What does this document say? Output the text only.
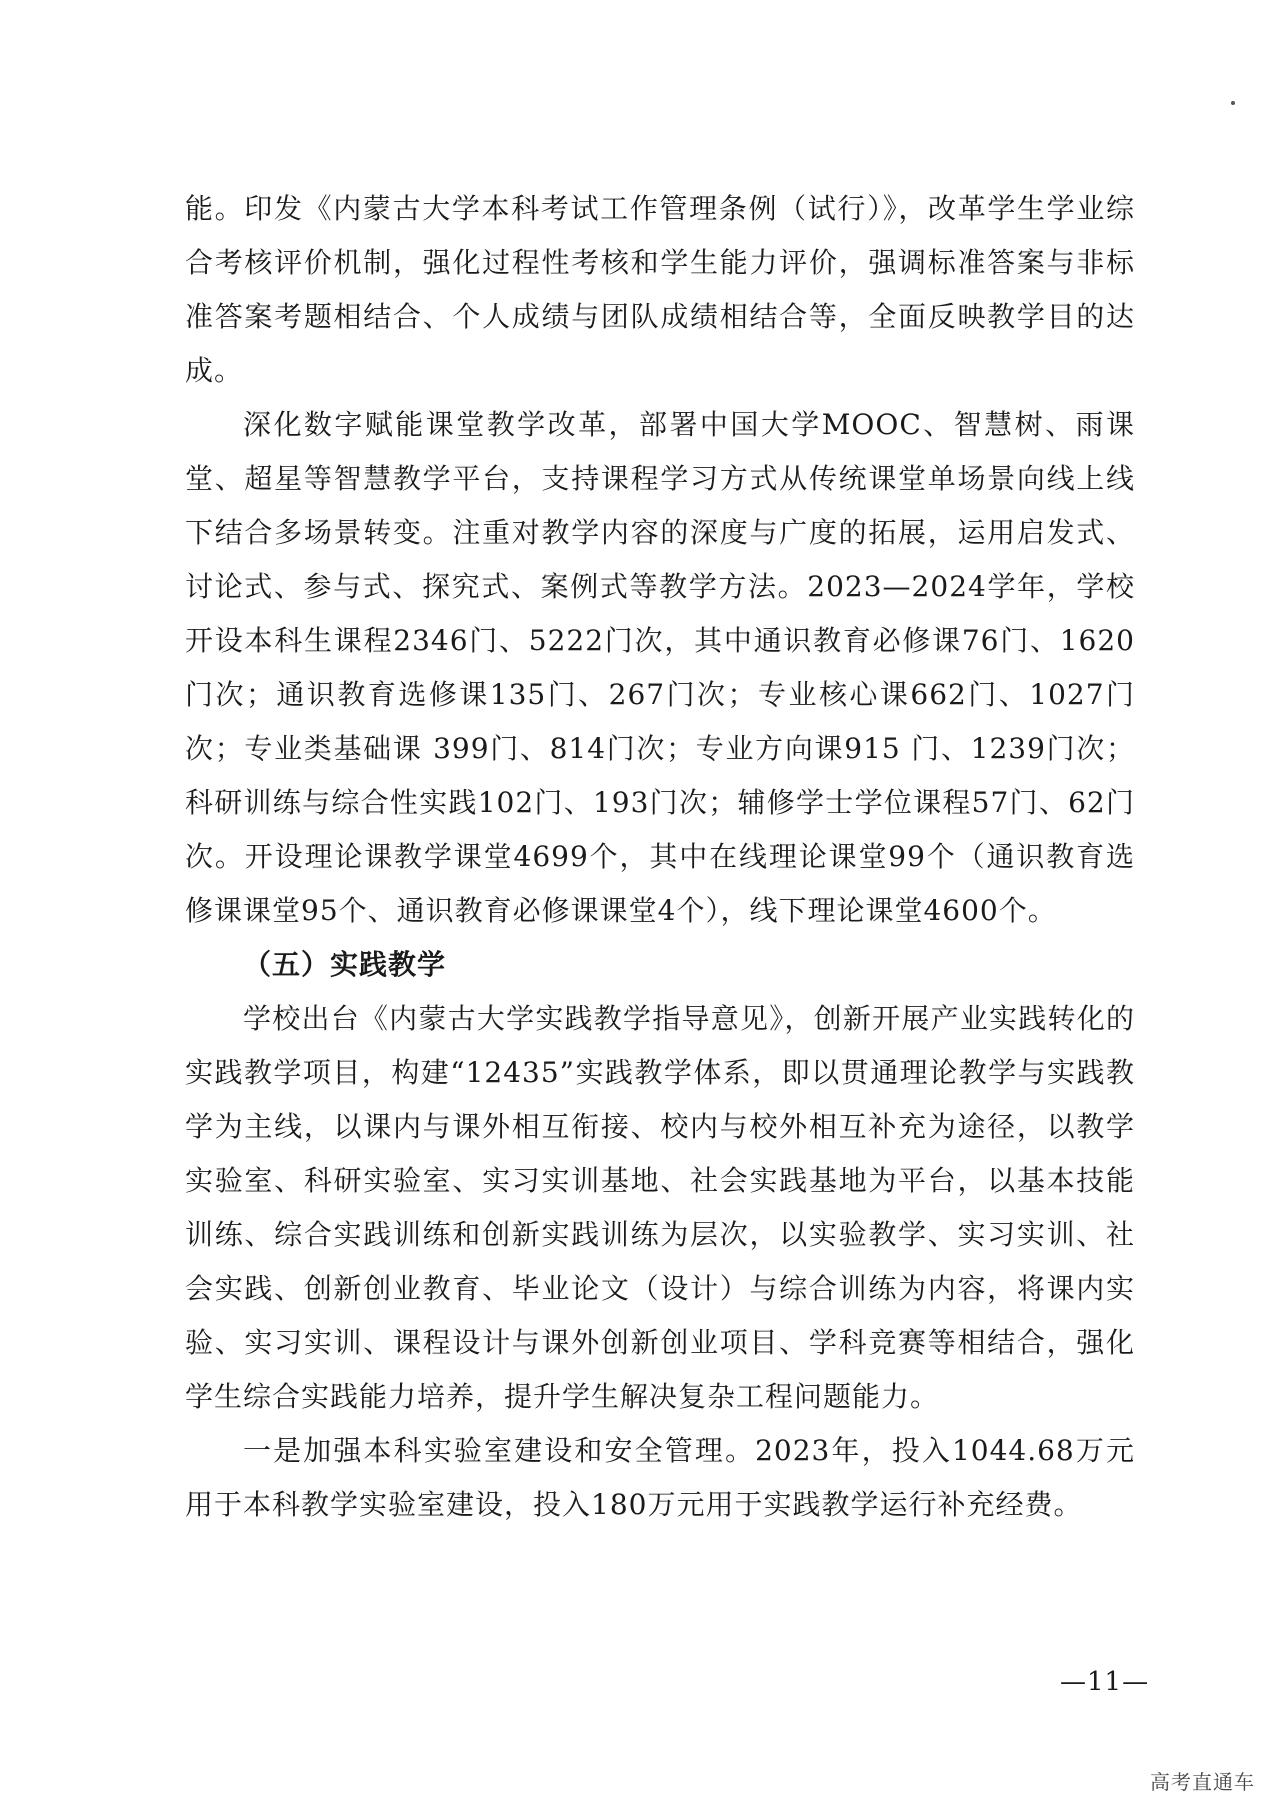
能。印发《内蒙古大学本科考试工作管理条例（试行）》，改革学生学业综合考核评价机制，强化过程性考核和学生能力评价，强调标准答案与非标准答案考题相结合、个人成绩与团队成绩相结合等，全面反映教学目的达成。

深化数字赋能课堂教学改革，部署中国大学MOOC、智慧树、雨课堂、超星等智慧教学平台，支持课程学习方式从传统课堂单场景向线上线下结合多场景转变。注重对教学内容的深度与广度的拓展，运用启发式、讨论式、参与式、探究式、案例式等教学方法。2023—2024学年，学校开设本科生课程2346门、5222门次，其中通识教育必修课76门、1620门次；通识教育选修课135门、267门次；专业核心课662门、1027门次；专业类基础课 399门、814门次；专业方向课915 门、1239门次；科研训练与综合性实践102门、193门次；辅修学士学位课程57门、62门次。开设理论课教学课堂4699个，其中在线理论课堂99个（通识教育选修课课堂95个、通识教育必修课课堂4个），线下理论课堂4600个。

（五）实践教学

学校出台《内蒙古大学实践教学指导意见》，创新开展产业实践转化的实践教学项目，构建“12435”实践教学体系，即以贯通理论教学与实践教学为主线，以课内与课外相互衔接、校内与校外相互补充为途径，以教学实验室、科研实验室、实习实训基地、社会实践基地为平台，以基本技能训练、综合实践训练和创新实践训练为层次，以实验教学、实习实训、社会实践、创新创业教育、毕业论文（设计）与综合训练为内容，将课内实验、实习实训、课程设计与课外创新创业项目、学科竞赛等相结合，强化学生综合实践能力培养，提升学生解决复杂工程问题能力。

一是加强本科实验室建设和安全管理。2023年，投入1044.68万元用于本科教学实验室建设，投入180万元用于实践教学运行补充经费。

—11—
高考直通车
